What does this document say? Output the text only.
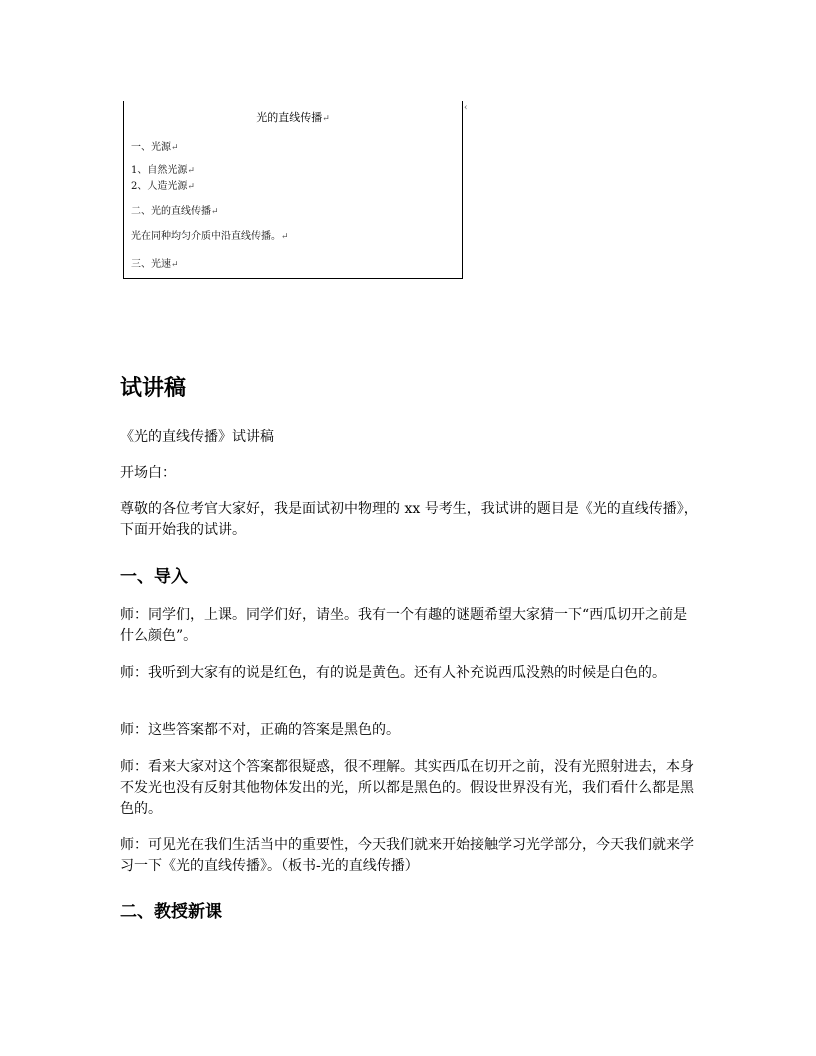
光的直线传播↵
一、光源↵
1、自然光源↵
2、人造光源↵
二、光的直线传播↵
光在同种均匀介质中沿直线传播。↵
三、光速↵
‹
试讲稿

《光的直线传播》试讲稿

开场白：

尊敬的各位考官大家好，我是面试初中物理的 xx 号考生，我试讲的题目是《光的直线传播》，下面开始我的试讲。

一、导入

师：同学们，上课。同学们好，请坐。我有一个有趣的谜题希望大家猜一下“西瓜切开之前是什么颜色”。

师：我听到大家有的说是红色，有的说是黄色。还有人补充说西瓜没熟的时候是白色的。

师：这些答案都不对，正确的答案是黑色的。

师：看来大家对这个答案都很疑惑，很不理解。其实西瓜在切开之前，没有光照射进去，本身不发光也没有反射其他物体发出的光，所以都是黑色的。假设世界没有光，我们看什么都是黑色的。

师：可见光在我们生活当中的重要性，今天我们就来开始接触学习光学部分，今天我们就来学习一下《光的直线传播》。（板书-光的直线传播）

二、教授新课
